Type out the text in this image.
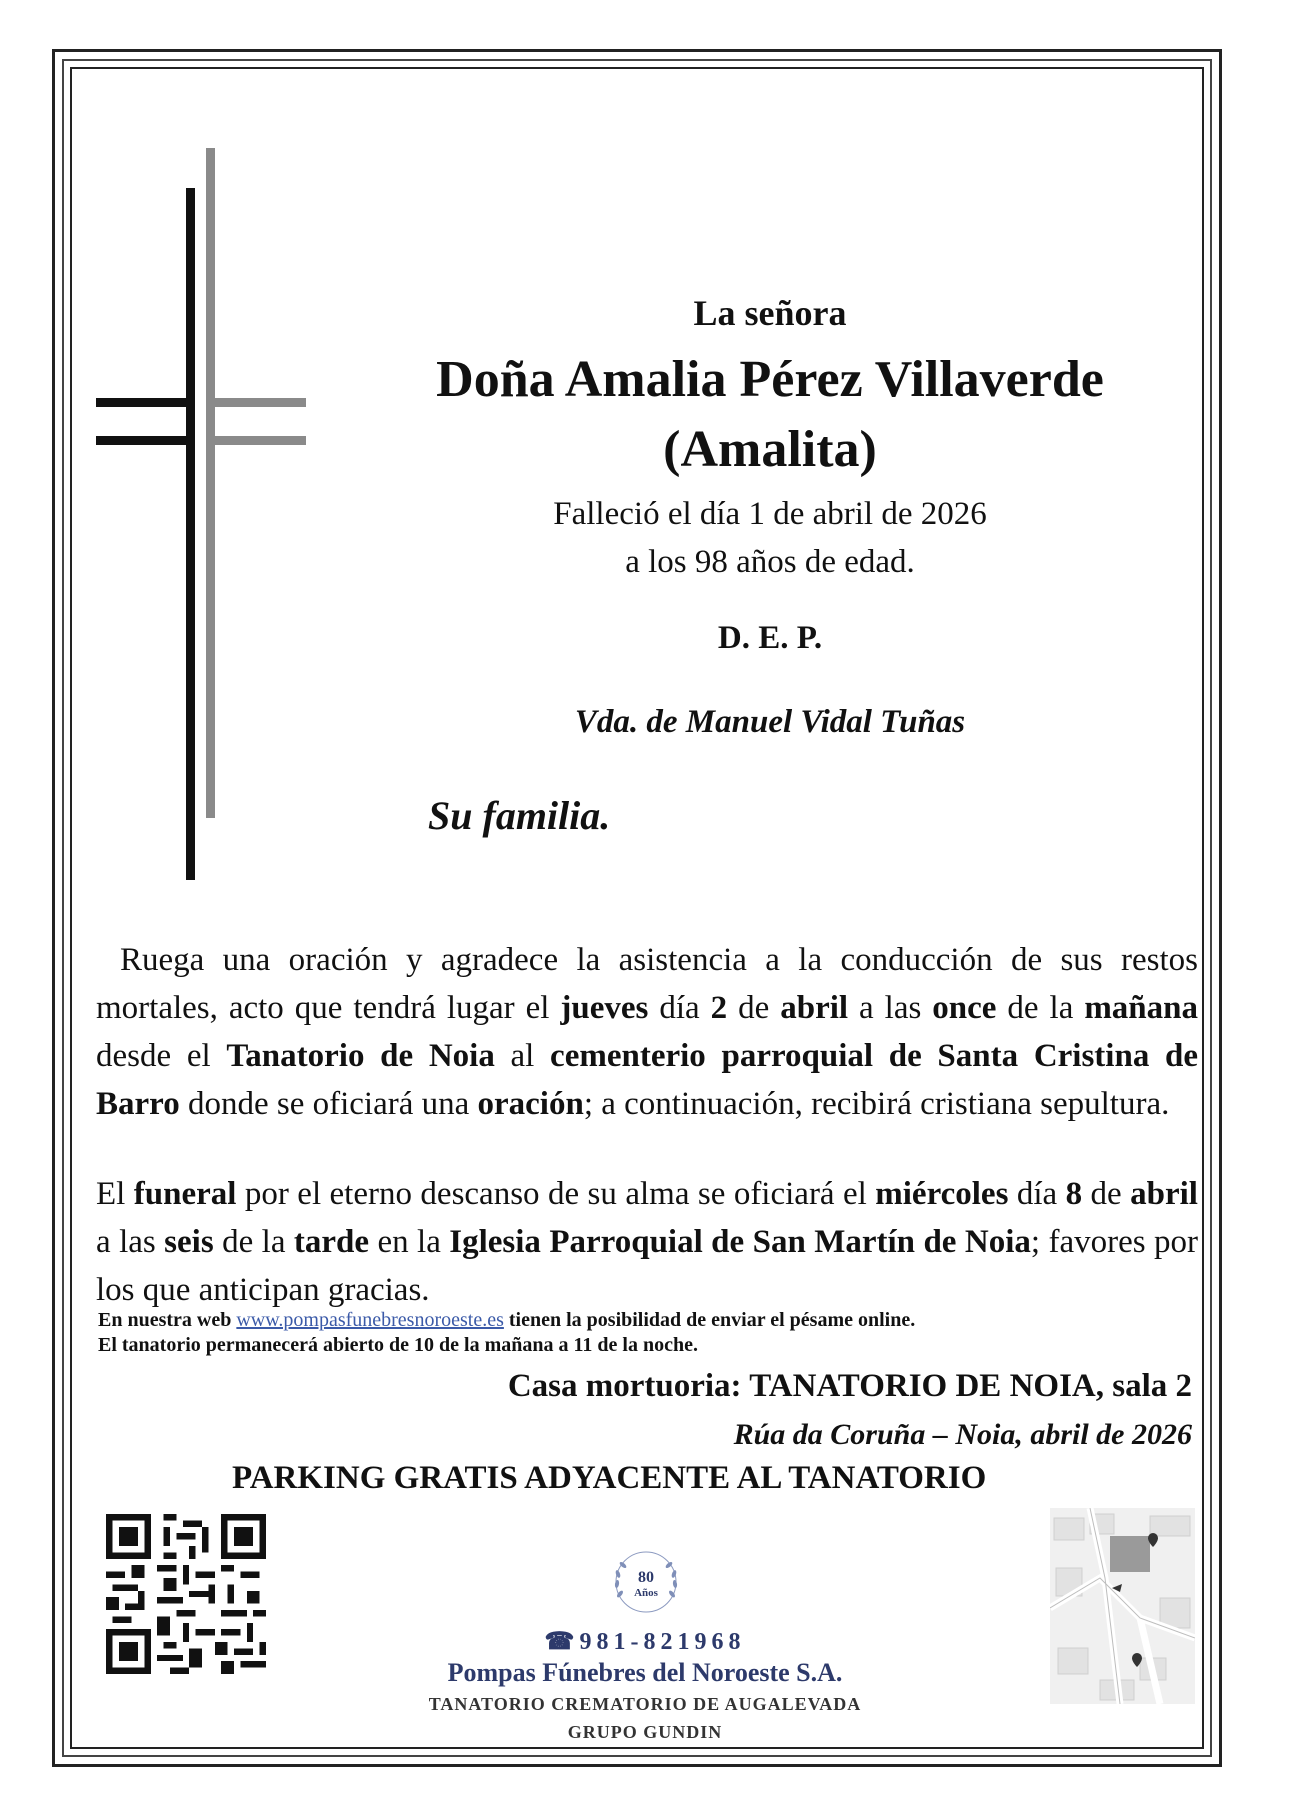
La señora
Doña Amalia Pérez Villaverde
(Amalita)
Falleció el día 1 de abril de 2026
a los 98 años de edad.
D. E. P.
Vda. de Manuel Vidal Tuñas
Su familia.
Ruega una oración y agradece la asistencia a la conducción de sus restos mortales, acto que tendrá lugar el jueves día 2 de abril a las once de la mañana desde el Tanatorio de Noia al cementerio parroquial de Santa Cristina de Barro donde se oficiará una oración; a continuación, recibirá cristiana sepultura.
El funeral por el eterno descanso de su alma se oficiará el miércoles día 8 de abril a las seis de la tarde en la Iglesia Parroquial de San Martín de Noia; favores por los que anticipan gracias.
En nuestra web www.pompasfunebresnoroeste.es tienen la posibilidad de enviar el pésame online.
El tanatorio permanecerá abierto de 10 de la mañana a 11 de la noche.
Casa mortuoria: TANATORIO DE NOIA, sala 2
Rúa da Coruña – Noia, abril de 2026
PARKING GRATIS ADYACENTE AL TANATORIO
80
Años
☎981-821968
Pompas Fúnebres del Noroeste S.A.
TANATORIO CREMATORIO DE AUGALEVADA
GRUPO GUNDIN
